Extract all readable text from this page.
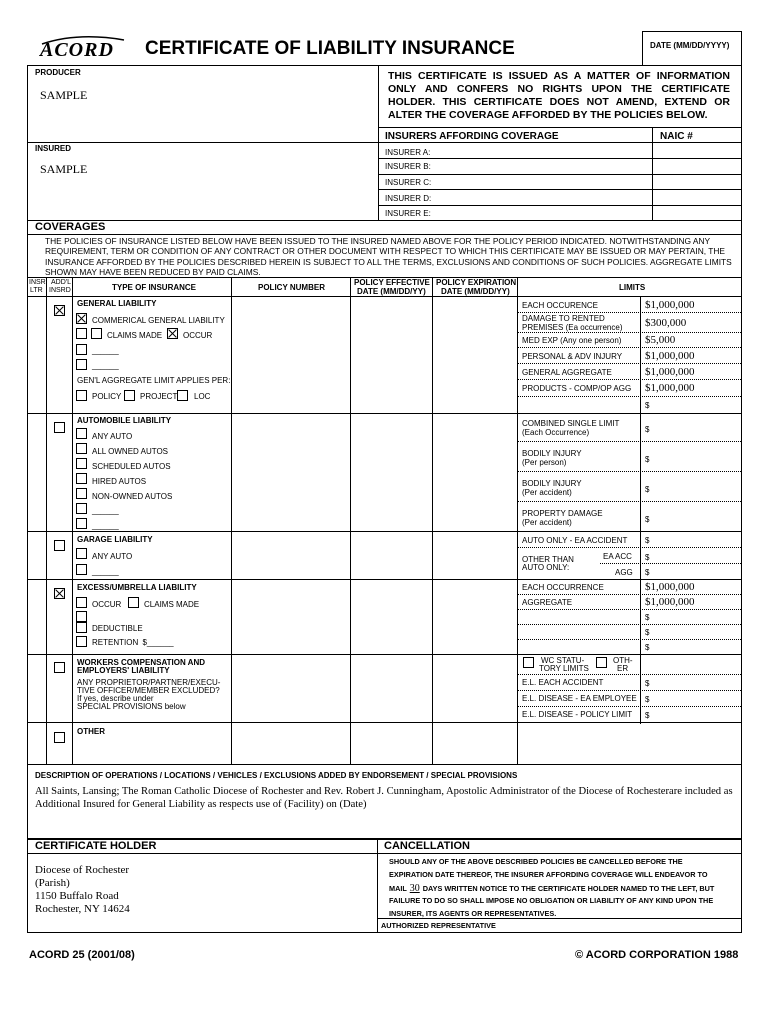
ACORD CERTIFICATE OF LIABILITY INSURANCE	DATE (MM/DD/YYYY)
PRODUCER
SAMPLE
THIS CERTIFICATE IS ISSUED AS A MATTER OF INFORMATION ONLY AND CONFERS NO RIGHTS UPON THE CERTIFICATE HOLDER. THIS CERTIFICATE DOES NOT AMEND, EXTEND OR ALTER THE COVERAGE AFFORDED BY THE POLICIES BELOW.
INSURERS AFFORDING COVERAGE	NAIC #
INSURED
SAMPLE
INSURER A:
INSURER B:
INSURER C:
INSURER D:
INSURER E:
COVERAGES
THE POLICIES OF INSURANCE LISTED BELOW HAVE BEEN ISSUED TO THE INSURED NAMED ABOVE FOR THE POLICY PERIOD INDICATED. NOTWITHSTANDING ANY REQUIREMENT, TERM OR CONDITION OF ANY CONTRACT OR OTHER DOCUMENT WITH RESPECT TO WHICH THIS CERTIFICATE MAY BE ISSUED OR MAY PERTAIN, THE INSURANCE AFFORDED BY THE POLICIES DESCRIBED HEREIN IS SUBJECT TO ALL THE TERMS, EXCLUSIONS AND CONDITIONS OF SUCH POLICIES. AGGREGATE LIMITS SHOWN MAY HAVE BEEN REDUCED BY PAID CLAIMS.
INSR
LTR
ADD'L
INSRD	TYPE OF INSURANCE	POLICY NUMBER
POLICY EFFECTIVE
DATE (MM/DD/YY)
POLICY EXPIRATION
DATE (MM/DD/YY)	LIMITS
GENERAL LIABILITY
COMMERICAL GENERAL LIABILITY
CLAIMS MADE	OCCUR
______
______
GEN'L AGGREGATE LIMIT APPLIES PER:
POLICY PROJECT LOC
EACH OCCURENCE	$1,000,000
DAMAGE TO RENTED
PREMISES (Ea occurrence) $300,000
MED EXP (Any one person) $5,000
PERSONAL & ADV INJURY $1,000,000
GENERAL AGGREGATE	$1,000,000
PRODUCTS - COMP/OP AGG $1,000,000
$
AUTOMOBILE LIABILITY
ANY AUTO
ALL OWNED AUTOS
SCHEDULED AUTOS
HIRED AUTOS
NON-OWNED AUTOS
______
______
COMBINED SINGLE LIMIT
(Each Occurrence)	$
BODILY INJURY
(Per person)	$
BODILY INJURY
(Per accident)	$
PROPERTY DAMAGE
(Per accident)	$
GARAGE LIABILITY
ANY AUTO
______
AUTO ONLY - EA ACCIDENT $
OTHER THAN
AUTO ONLY:
EA ACC $
AGG $
EXCESS/UMBRELLA LIABILITY
OCCUR	CLAIMS MADE
DEDUCTIBLE
RETENTION $______
EACH OCCURRENCE	$1,000,000
AGGREGATE	$1,000,000
$
$
$
WORKERS COMPENSATION AND
EMPLOYERS' LIABILITY
ANY PROPRIETOR/PARTNER/EXECU-
TIVE OFFICER/MEMBER EXCLUDED?
If yes, describe under
SPECIAL PROVISIONS below
WC STATU-
TORY LIMITS
OTH-
ER
E.L. EACH ACCIDENT	$
E.L. DISEASE - EA EMPLOYEE $
E.L. DISEASE - POLICY LIMIT $
OTHER
DESCRIPTION OF OPERATIONS / LOCATIONS / VEHICLES / EXCLUSIONS ADDED BY ENDORSEMENT / SPECIAL PROVISIONS
All Saints, Lansing; The Roman Catholic Diocese of Rochester and Rev. Robert J. Cunningham, Apostolic Administrator of the Diocese of Rochesterare included as
Additional Insured for General Liability as respects use of (Facility) on (Date)
CERTIFICATE HOLDER	CANCELLATION
Diocese of Rochester
(Parish)
1150 Buffalo Road
Rochester, NY 14624
SHOULD ANY OF THE ABOVE DESCRIBED POLICIES BE CANCELLED BEFORE THE
EXPIRATION DATE THEREOF, THE INSURER AFFORDING COVERAGE WILL ENDEAVOR TO
MAIL 30 DAYS WRITTEN NOTICE TO THE CERTIFICATE HOLDER NAMED TO THE LEFT, BUT
FAILURE TO DO SO SHALL IMPOSE NO OBLIGATION OR LIABILITY OF ANY KIND UPON THE
INSURER, ITS AGENTS OR REPRESENTATIVES.
AUTHORIZED REPRESENTATIVE
ACORD 25 (2001/08)	© ACORD CORPORATION 1988
